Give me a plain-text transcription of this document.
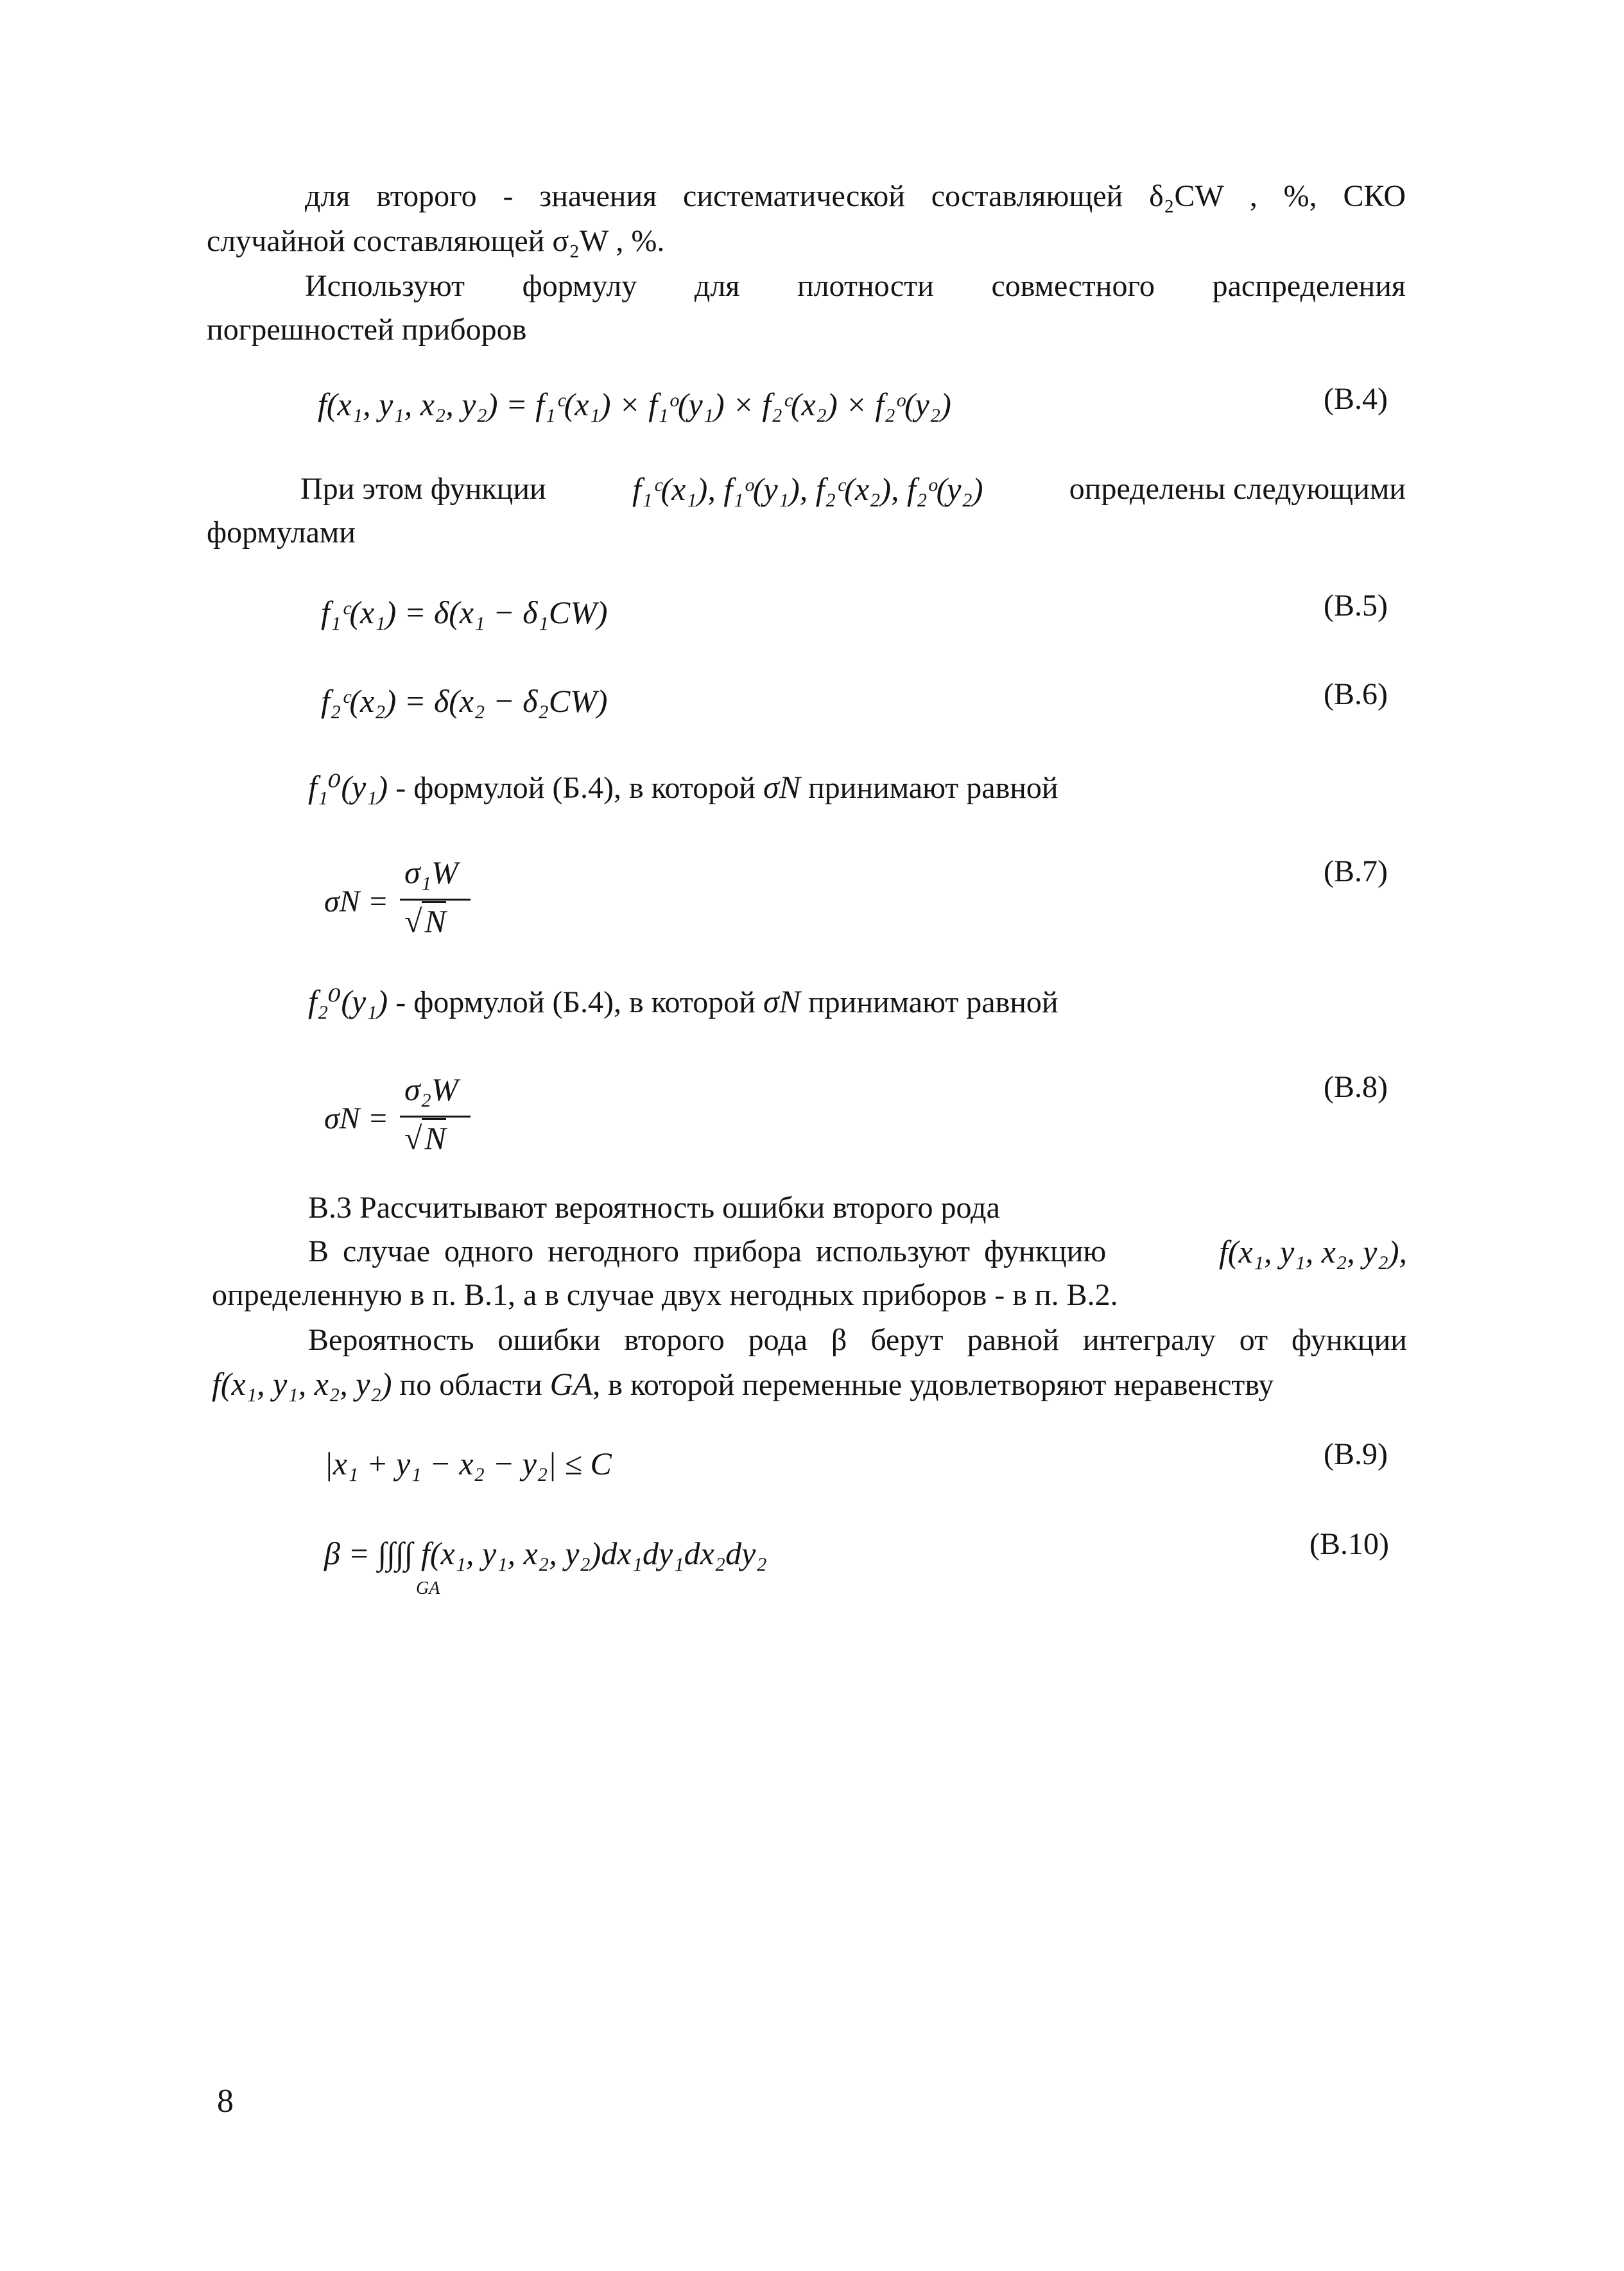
для второго - значения систематической составляющей δ₂CW , %, СКО
случайной составляющей σ₂W , %.
Используют формулу для плотности совместного распределения
погрешностей приборов
f(x₁, y₁, x₂, y₂) = f₁ᶜ(x₁) × f₁ᵒ(y₁) × f₂ᶜ(x₂) × f₂ᵒ(y₂)	(В.4)
При этом функции	f₁ᶜ(x₁), f₁ᵒ(y₁), f₂ᶜ(x₂), f₂ᵒ(y₂)	определены следующими
формулами
f₁ᶜ(x₁) = δ(x₁ − δ₁CW)	(В.5)
f₂ᶜ(x₂) = δ(x₂ − δ₂CW)	(В.6)
f₁⁰(y₁) - формулой (Б.4), в которой σN принимают равной
σN =
σ₁W
√N
(В.7)
f₂⁰(y₁) - формулой (Б.4), в которой σN принимают равной
σN =
σ₂W
√N
(В.8)
В.3 Рассчитывают вероятность ошибки второго рода
В случае одного негодного прибора используют функцию	f(x₁, y₁, x₂, y₂),
определенную в п. В.1, а в случае двух негодных приборов - в п. В.2.
Вероятность ошибки второго рода β берут равной интегралу от функции
f(x₁, y₁, x₂, y₂) по области GA, в которой переменные удовлетворяют неравенству
|x₁ + y₁ − x₂ − y₂| ≤ C	(В.9)
β = ∫∫∫∫ f(x₁, y₁, x₂, y₂)dx₁dy₁dx₂dy₂
GA
(В.10)
8
